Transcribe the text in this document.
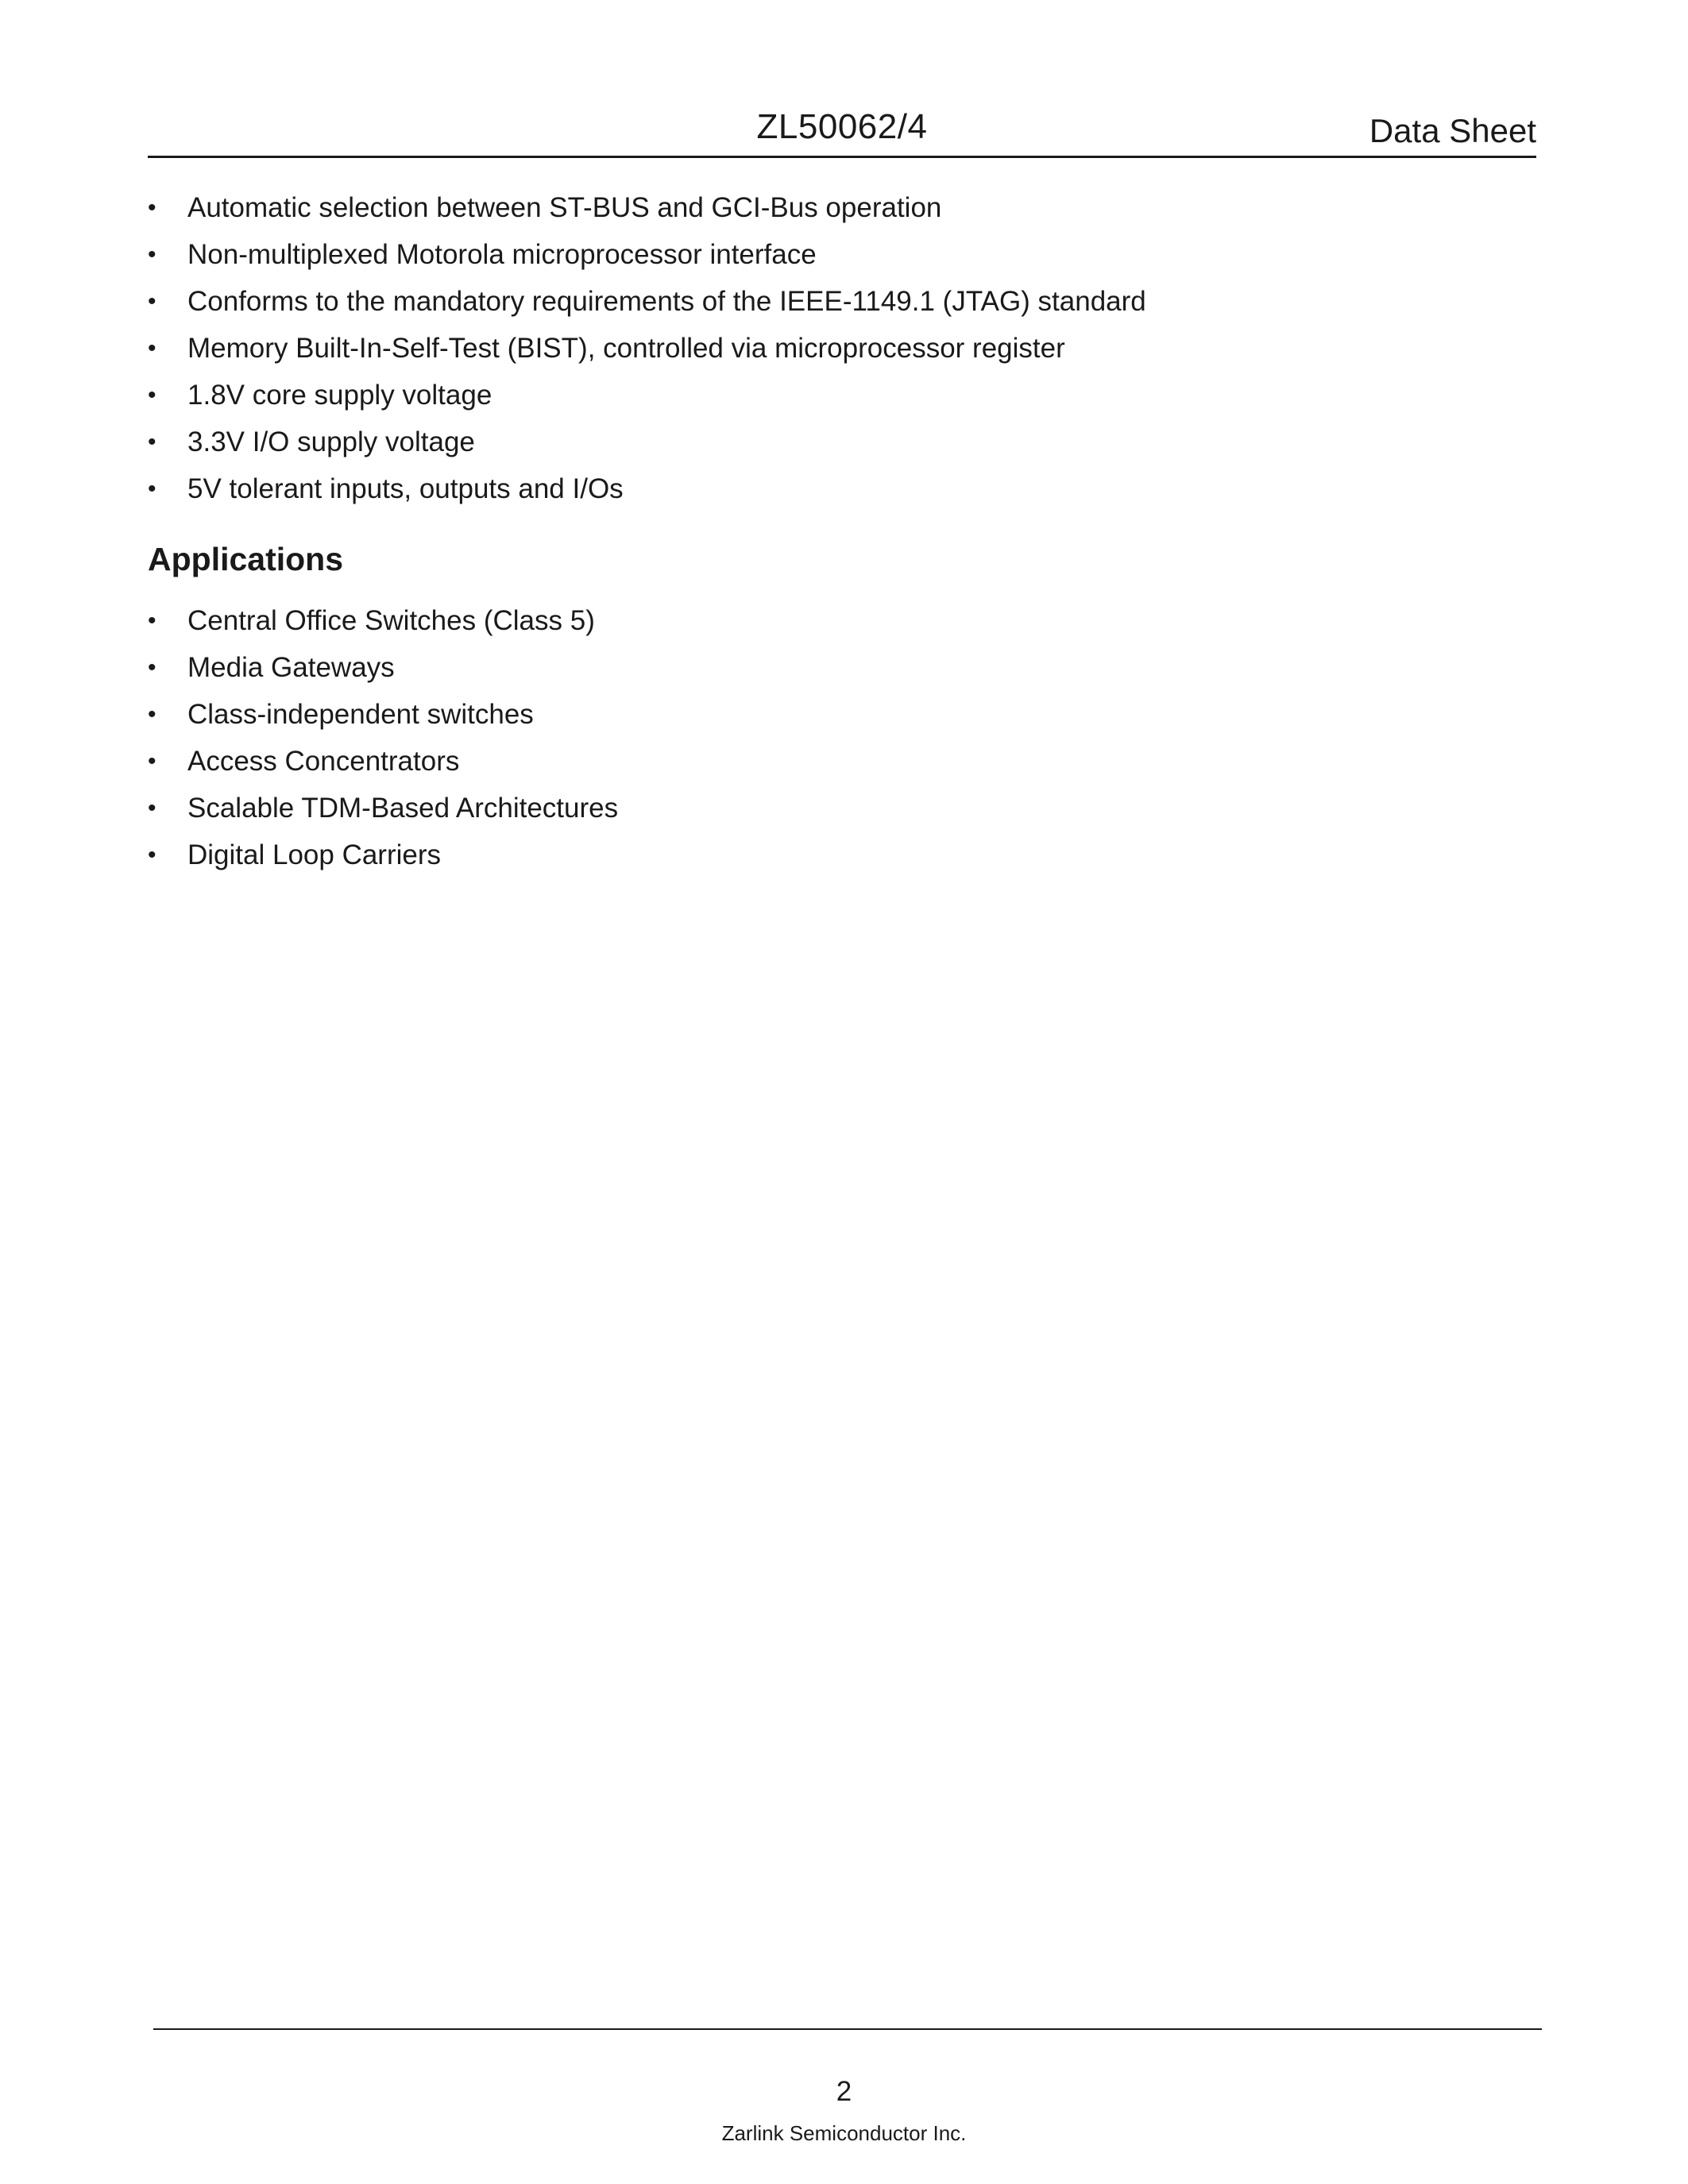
ZL50062/4	Data Sheet
•	Automatic selection between ST-BUS and GCI-Bus operation
•	Non-multiplexed Motorola microprocessor interface
•	Conforms to the mandatory requirements of the IEEE-1149.1 (JTAG) standard
•	Memory Built-In-Self-Test (BIST), controlled via microprocessor register
•	1.8V core supply voltage
•	3.3V I/O supply voltage
•	5V tolerant inputs, outputs and I/Os
Applications
•	Central Office Switches (Class 5)
•	Media Gateways
•	Class-independent switches
•	Access Concentrators
•	Scalable TDM-Based Architectures
•	Digital Loop Carriers
2
Zarlink Semiconductor Inc.
